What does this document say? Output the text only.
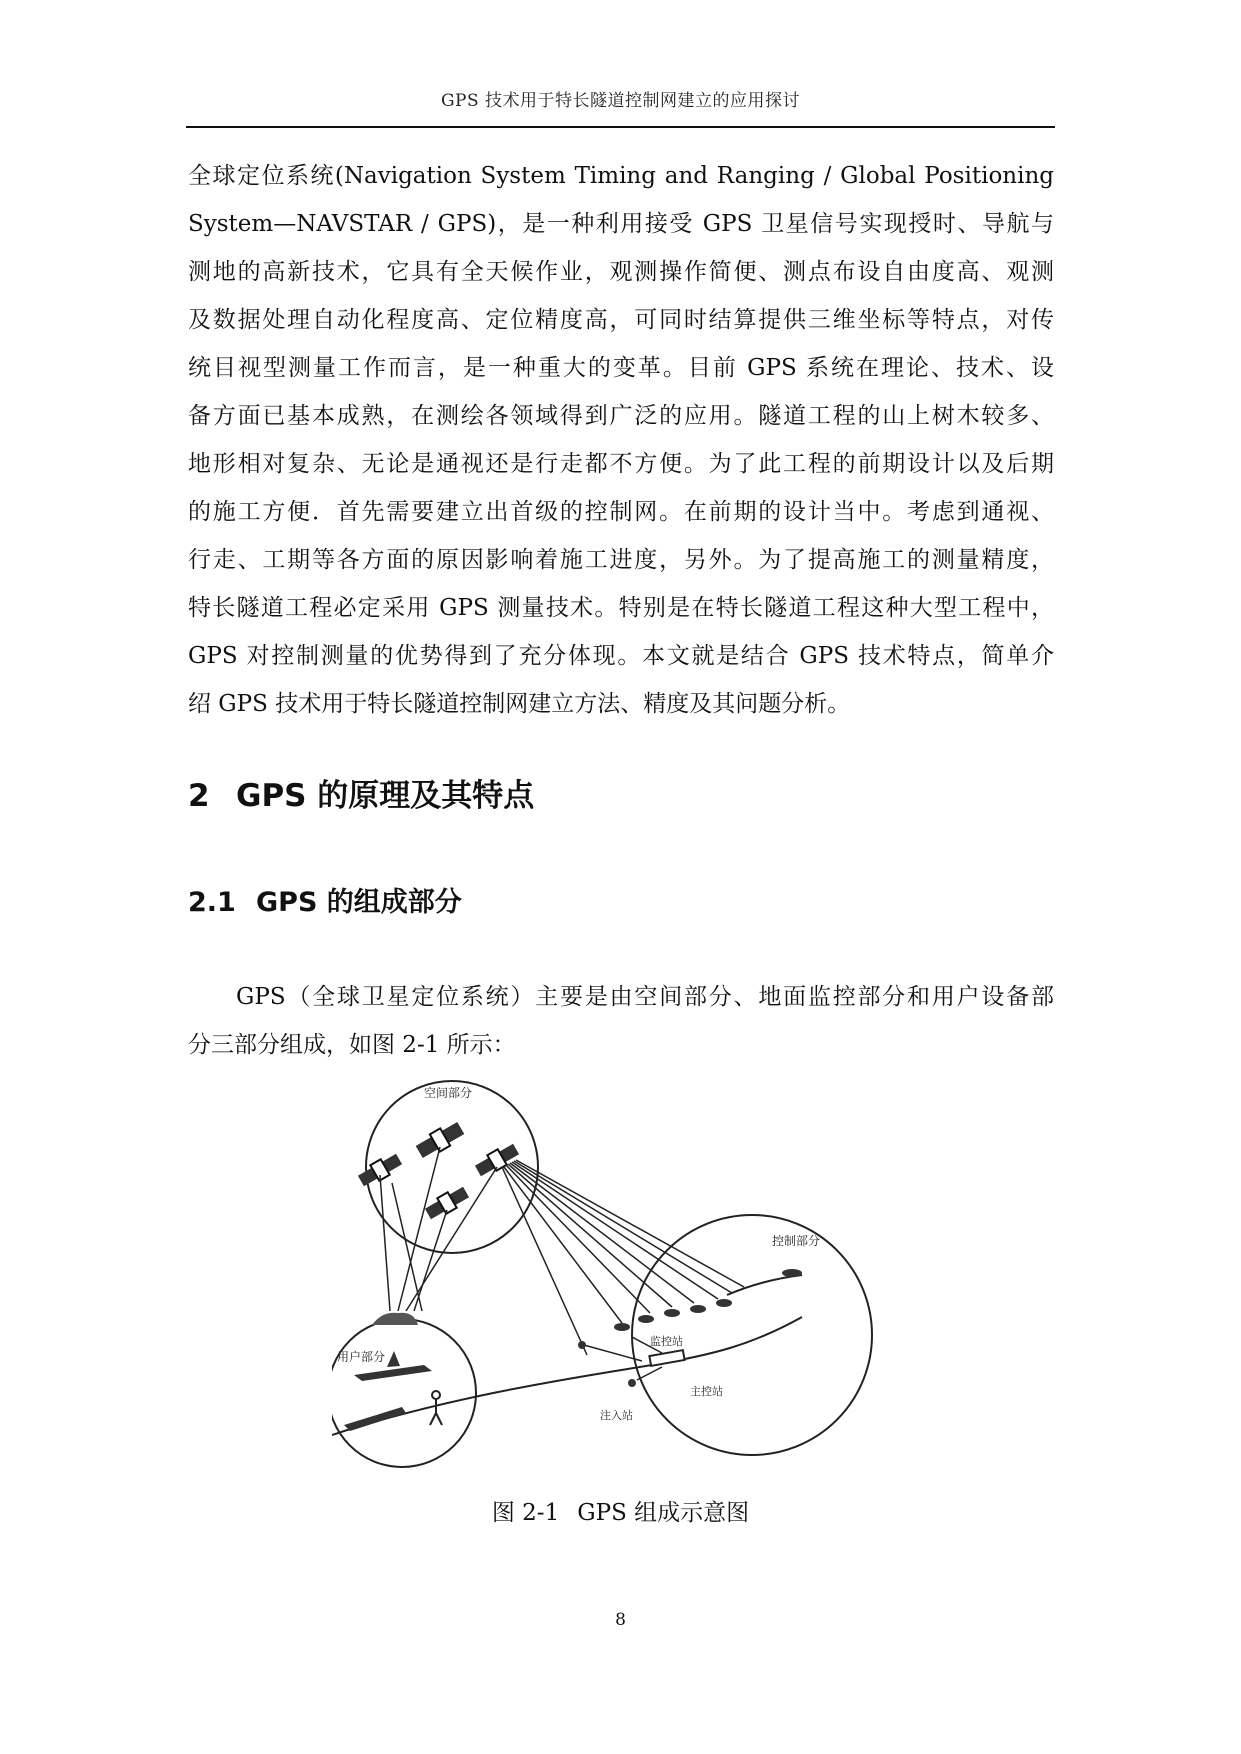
GPS 技术用于特长隧道控制网建立的应用探讨
全球定位系统(Navigation System Timing and Ranging / Global Positioning
System—NAVSTAR / GPS)，是一种利用接受 GPS 卫星信号实现授时、导航与
测地的高新技术，它具有全天候作业，观测操作简便、测点布设自由度高、观测
及数据处理自动化程度高、定位精度高，可同时结算提供三维坐标等特点，对传
统目视型测量工作而言，是一种重大的变革。目前 GPS 系统在理论、技术、设
备方面已基本成熟，在测绘各领域得到广泛的应用。隧道工程的山上树木较多、
地形相对复杂、无论是通视还是行走都不方便。为了此工程的前期设计以及后期
的施工方便．首先需要建立出首级的控制网。在前期的设计当中。考虑到通视、
行走、工期等各方面的原因影响着施工进度，另外。为了提高施工的测量精度，
特长隧道工程必定采用 GPS 测量技术。特别是在特长隧道工程这种大型工程中，
GPS 对控制测量的优势得到了充分体现。本文就是结合 GPS 技术特点，简单介
绍 GPS 技术用于特长隧道控制网建立方法、精度及其问题分析。
2 GPS 的原理及其特点
2.1 GPS 的组成部分
GPS（全球卫星定位系统）主要是由空间部分、地面监控部分和用户设备部
分三部分组成，如图 2-1 所示：
空间部分
控制部分
用户部分
监控站
主控站
注入站
图 2-1 GPS 组成示意图
8
